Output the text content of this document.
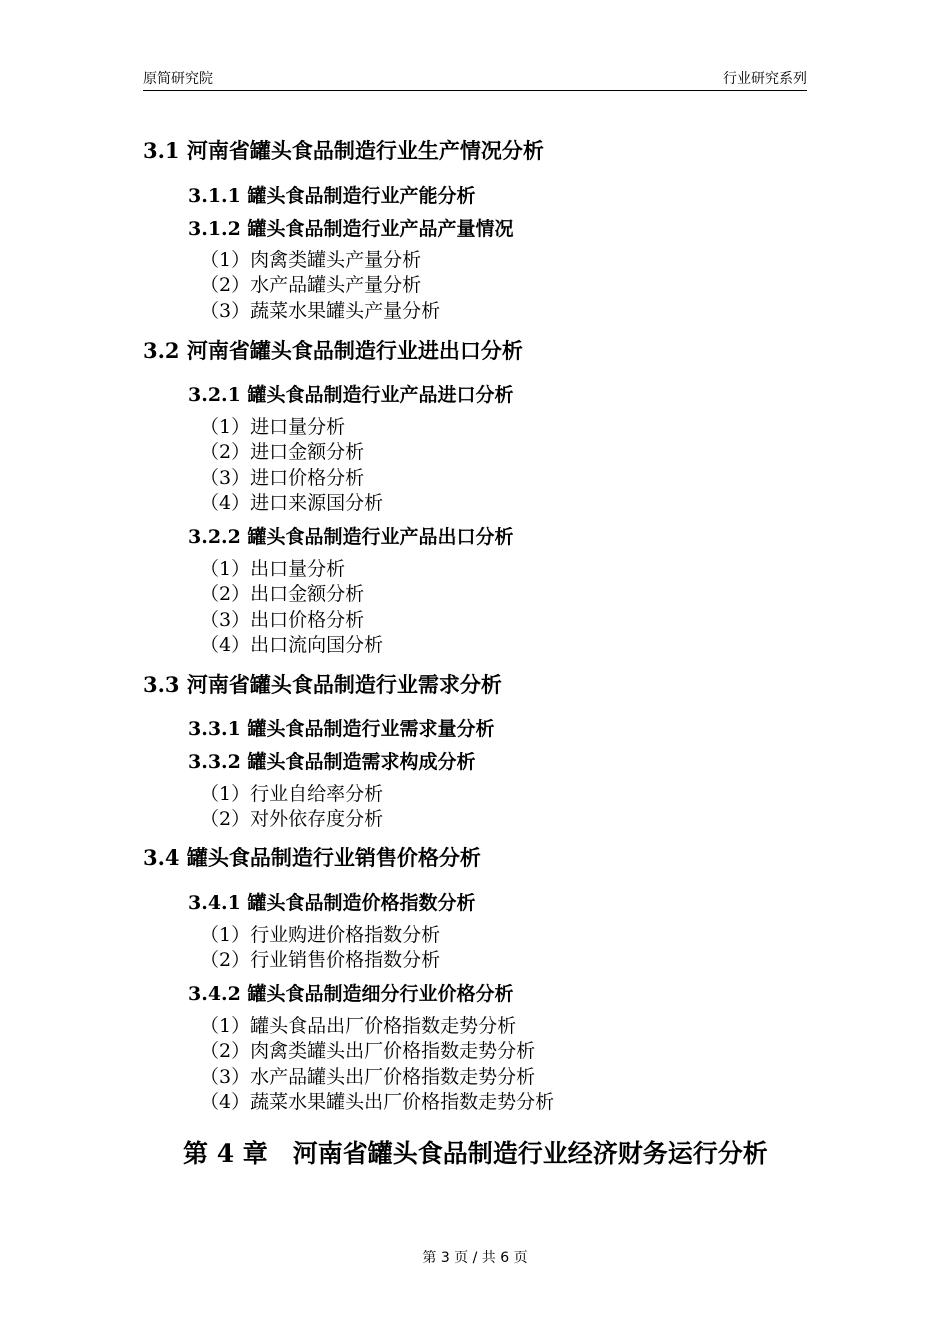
原简研究院	行业研究系列
3.1 河南省罐头食品制造行业生产情况分析
3.1.1 罐头食品制造行业产能分析
3.1.2 罐头食品制造行业产品产量情况
（1）肉禽类罐头产量分析
（2）水产品罐头产量分析
（3）蔬菜水果罐头产量分析
3.2 河南省罐头食品制造行业进出口分析
3.2.1 罐头食品制造行业产品进口分析
（1）进口量分析
（2）进口金额分析
（3）进口价格分析
（4）进口来源国分析
3.2.2 罐头食品制造行业产品出口分析
（1）出口量分析
（2）出口金额分析
（3）出口价格分析
（4）出口流向国分析
3.3 河南省罐头食品制造行业需求分析
3.3.1 罐头食品制造行业需求量分析
3.3.2 罐头食品制造需求构成分析
（1）行业自给率分析
（2）对外依存度分析
3.4 罐头食品制造行业销售价格分析
3.4.1 罐头食品制造价格指数分析
（1）行业购进价格指数分析
（2）行业销售价格指数分析
3.4.2 罐头食品制造细分行业价格分析
（1）罐头食品出厂价格指数走势分析
（2）肉禽类罐头出厂价格指数走势分析
（3）水产品罐头出厂价格指数走势分析
（4）蔬菜水果罐头出厂价格指数走势分析
第 4 章　河南省罐头食品制造行业经济财务运行分析
第 3 页 / 共 6 页
